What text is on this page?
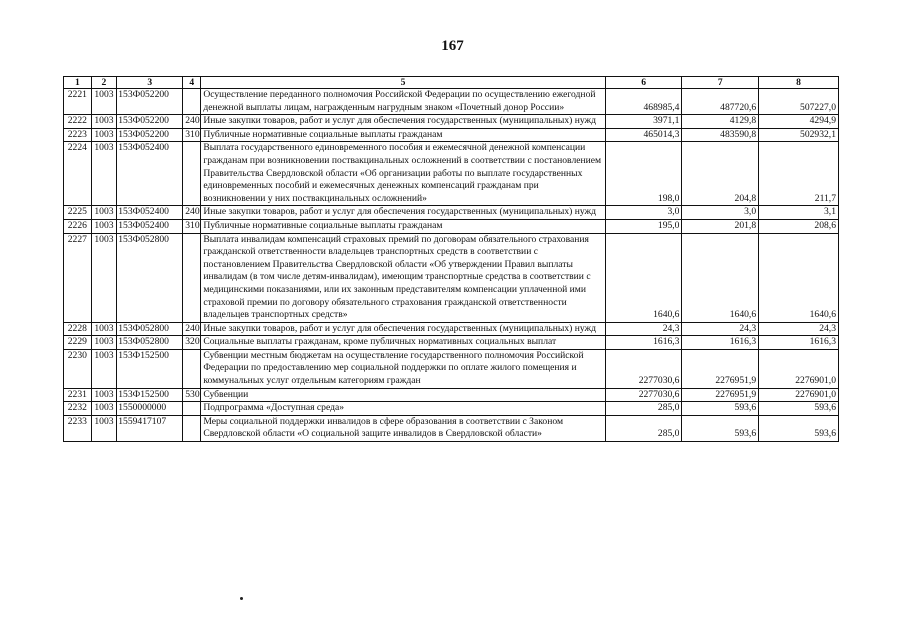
167
1	2	3	4	5	6	7	8
2221	1003	153Ф052200		Осуществление переданного полномочия Российской Федерации по осуществлению ежегодной денежной выплаты лицам, награжденным нагрудным знаком «Почетный донор России»	468985,4	487720,6	507227,0
2222	1003	153Ф052200	240	Иные закупки товаров, работ и услуг для обеспечения государственных (муниципальных) нужд	3971,1	4129,8	4294,9
2223	1003	153Ф052200	310	Публичные нормативные социальные выплаты гражданам	465014,3	483590,8	502932,1
2224	1003	153Ф052400		Выплата государственного единовременного пособия и ежемесячной денежной компенсации гражданам при возникновении поствакцинальных осложнений в соответствии с постановлением Правительства Свердловской области «Об организации работы по выплате государственных единовременных пособий и ежемесячных денежных компенсаций гражданам при возникновении у них поствакцинальных осложнений»	198,0	204,8	211,7
2225	1003	153Ф052400	240	Иные закупки товаров, работ и услуг для обеспечения государственных (муниципальных) нужд	3,0	3,0	3,1
2226	1003	153Ф052400	310	Публичные нормативные социальные выплаты гражданам	195,0	201,8	208,6
2227	1003	153Ф052800		Выплата инвалидам компенсаций страховых премий по договорам обязательного страхования гражданской ответственности владельцев транспортных средств в соответствии с постановлением Правительства Свердловской области «Об утверждении Правил выплаты инвалидам (в том числе детям-инвалидам), имеющим транспортные средства в соответствии с медицинскими показаниями, или их законным представителям компенсации уплаченной ими страховой премии по договору обязательного страхования гражданской ответственности владельцев транспортных средств»	1640,6	1640,6	1640,6
2228	1003	153Ф052800	240	Иные закупки товаров, работ и услуг для обеспечения государственных (муниципальных) нужд	24,3	24,3	24,3
2229	1003	153Ф052800	320	Социальные выплаты гражданам, кроме публичных нормативных социальных выплат	1616,3	1616,3	1616,3
2230	1003	153Ф152500		Субвенции местным бюджетам на осуществление государственного полномочия Российской Федерации по предоставлению мер социальной поддержки по оплате жилого помещения и коммунальных услуг отдельным категориям граждан	2277030,6	2276951,9	2276901,0
2231	1003	153Ф152500	530	Субвенции	2277030,6	2276951,9	2276901,0
2232	1003	1550000000		Подпрограмма «Доступная среда»	285,0	593,6	593,6
2233	1003	1559417107		Меры социальной поддержки инвалидов в сфере образования в соответствии с Законом Свердловской области «О социальной защите инвалидов в Свердловской области»	285,0	593,6	593,6
